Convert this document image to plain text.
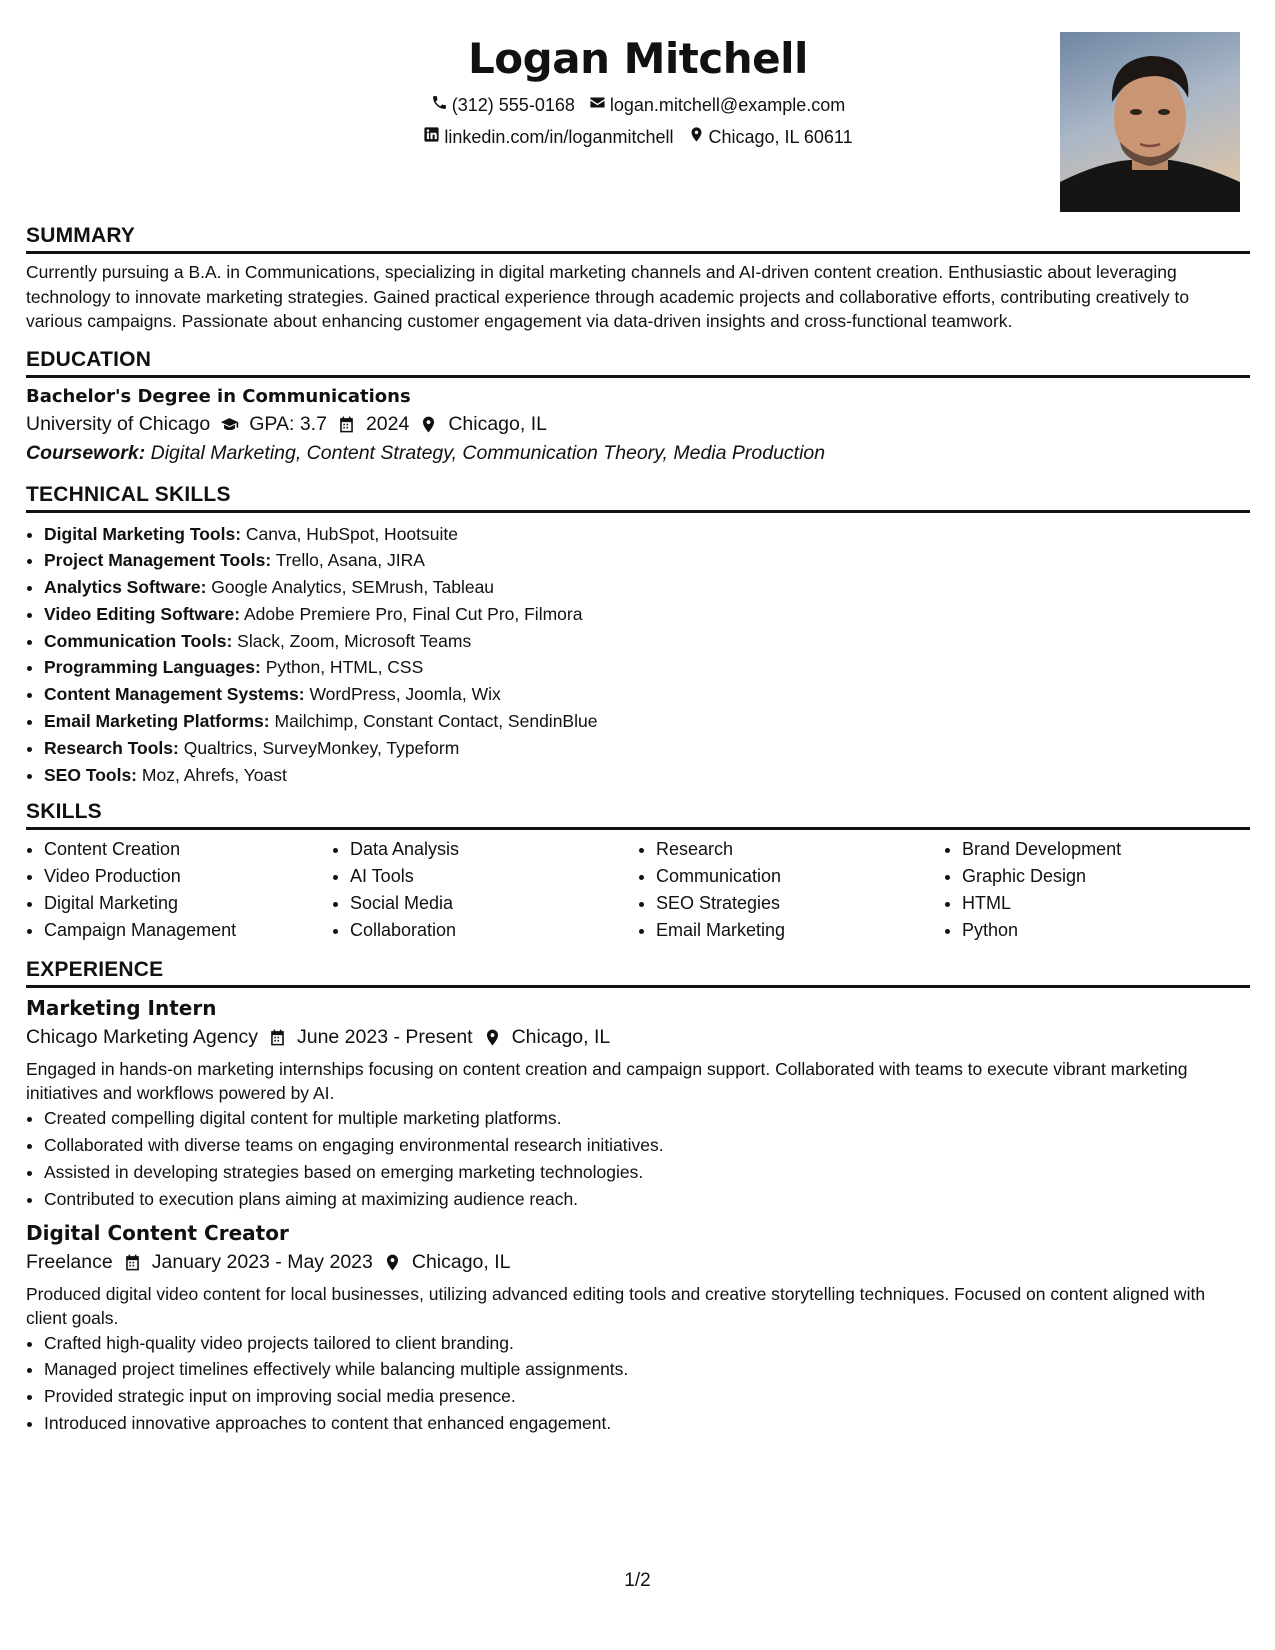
Logan Mitchell
(312) 555-0168 logan.mitchell@example.com
linkedin.com/in/loganmitchell Chicago, IL 60611
SUMMARY

Currently pursuing a B.A. in Communications, specializing in digital marketing channels and AI-driven content creation. Enthusiastic about leveraging technology to innovate marketing strategies. Gained practical experience through academic projects and collaborative efforts, contributing creatively to various campaigns. Passionate about enhancing customer engagement via data-driven insights and cross-functional teamwork.

EDUCATION
Bachelor's Degree in Communications
University of Chicago GPA: 3.7 2024 Chicago, IL
Coursework: Digital Marketing, Content Strategy, Communication Theory, Media Production
TECHNICAL SKILLS
• Digital Marketing Tools: Canva, HubSpot, Hootsuite
• Project Management Tools: Trello, Asana, JIRA
• Analytics Software: Google Analytics, SEMrush, Tableau
• Video Editing Software: Adobe Premiere Pro, Final Cut Pro, Filmora
• Communication Tools: Slack, Zoom, Microsoft Teams
• Programming Languages: Python, HTML, CSS
• Content Management Systems: WordPress, Joomla, Wix
• Email Marketing Platforms: Mailchimp, Constant Contact, SendinBlue
• Research Tools: Qualtrics, SurveyMonkey, Typeform
• SEO Tools: Moz, Ahrefs, Yoast
SKILLS
• Content Creation
• Video Production
• Digital Marketing
• Campaign Management
• Data Analysis
• AI Tools
• Social Media
• Collaboration
• Research
• Communication
• SEO Strategies
• Email Marketing
• Brand Development
• Graphic Design
• HTML
• Python
EXPERIENCE
Marketing Intern
Chicago Marketing Agency June 2023 - Present Chicago, IL
Engaged in hands-on marketing internships focusing on content creation and campaign support. Collaborated with teams to execute vibrant marketing initiatives and workflows powered by AI.
• Created compelling digital content for multiple marketing platforms.
• Collaborated with diverse teams on engaging environmental research initiatives.
• Assisted in developing strategies based on emerging marketing technologies.
• Contributed to execution plans aiming at maximizing audience reach.
Digital Content Creator
Freelance January 2023 - May 2023 Chicago, IL
Produced digital video content for local businesses, utilizing advanced editing tools and creative storytelling techniques. Focused on content aligned with client goals.
• Crafted high-quality video projects tailored to client branding.
• Managed project timelines effectively while balancing multiple assignments.
• Provided strategic input on improving social media presence.
• Introduced innovative approaches to content that enhanced engagement.
1/2
